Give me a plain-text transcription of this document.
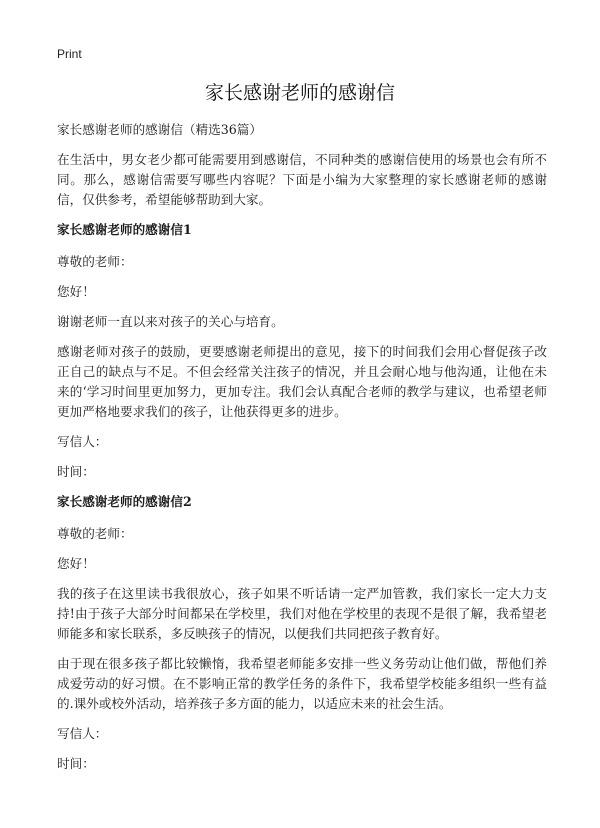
Print
家长感谢老师的感谢信

家长感谢老师的感谢信（精选36篇）

在生活中，男女老少都可能需要用到感谢信，不同种类的感谢信使用的场景也会有所不同。那么，感谢信需要写哪些内容呢？下面是小编为大家整理的家长感谢老师的感谢信，仅供参考，希望能够帮助到大家。

家长感谢老师的感谢信1

尊敬的老师：

您好！

谢谢老师一直以来对孩子的关心与培育。

感谢老师对孩子的鼓励，更要感谢老师提出的意见，接下的时间我们会用心督促孩子改正自己的缺点与不足。不但会经常关注孩子的情况，并且会耐心地与他沟通，让他在未来的‘学习时间里更加努力，更加专注。我们会认真配合老师的教学与建议，也希望老师更加严格地要求我们的孩子，让他获得更多的进步。

写信人：

时间：

家长感谢老师的感谢信2

尊敬的老师：

您好！

我的孩子在这里读书我很放心，孩子如果不听话请一定严加管教，我们家长一定大力支持!由于孩子大部分时间都呆在学校里，我们对他在学校里的表现不是很了解，我希望老师能多和家长联系，多反映孩子的情况，以便我们共同把孩子教育好。

由于现在很多孩子都比较懒惰，我希望老师能多安排一些义务劳动让他们做，帮他们养成爱劳动的好习惯。在不影响正常的教学任务的条件下，我希望学校能多组织一些有益的.课外或校外活动，培养孩子多方面的能力，以适应未来的社会生活。

写信人：

时间：
